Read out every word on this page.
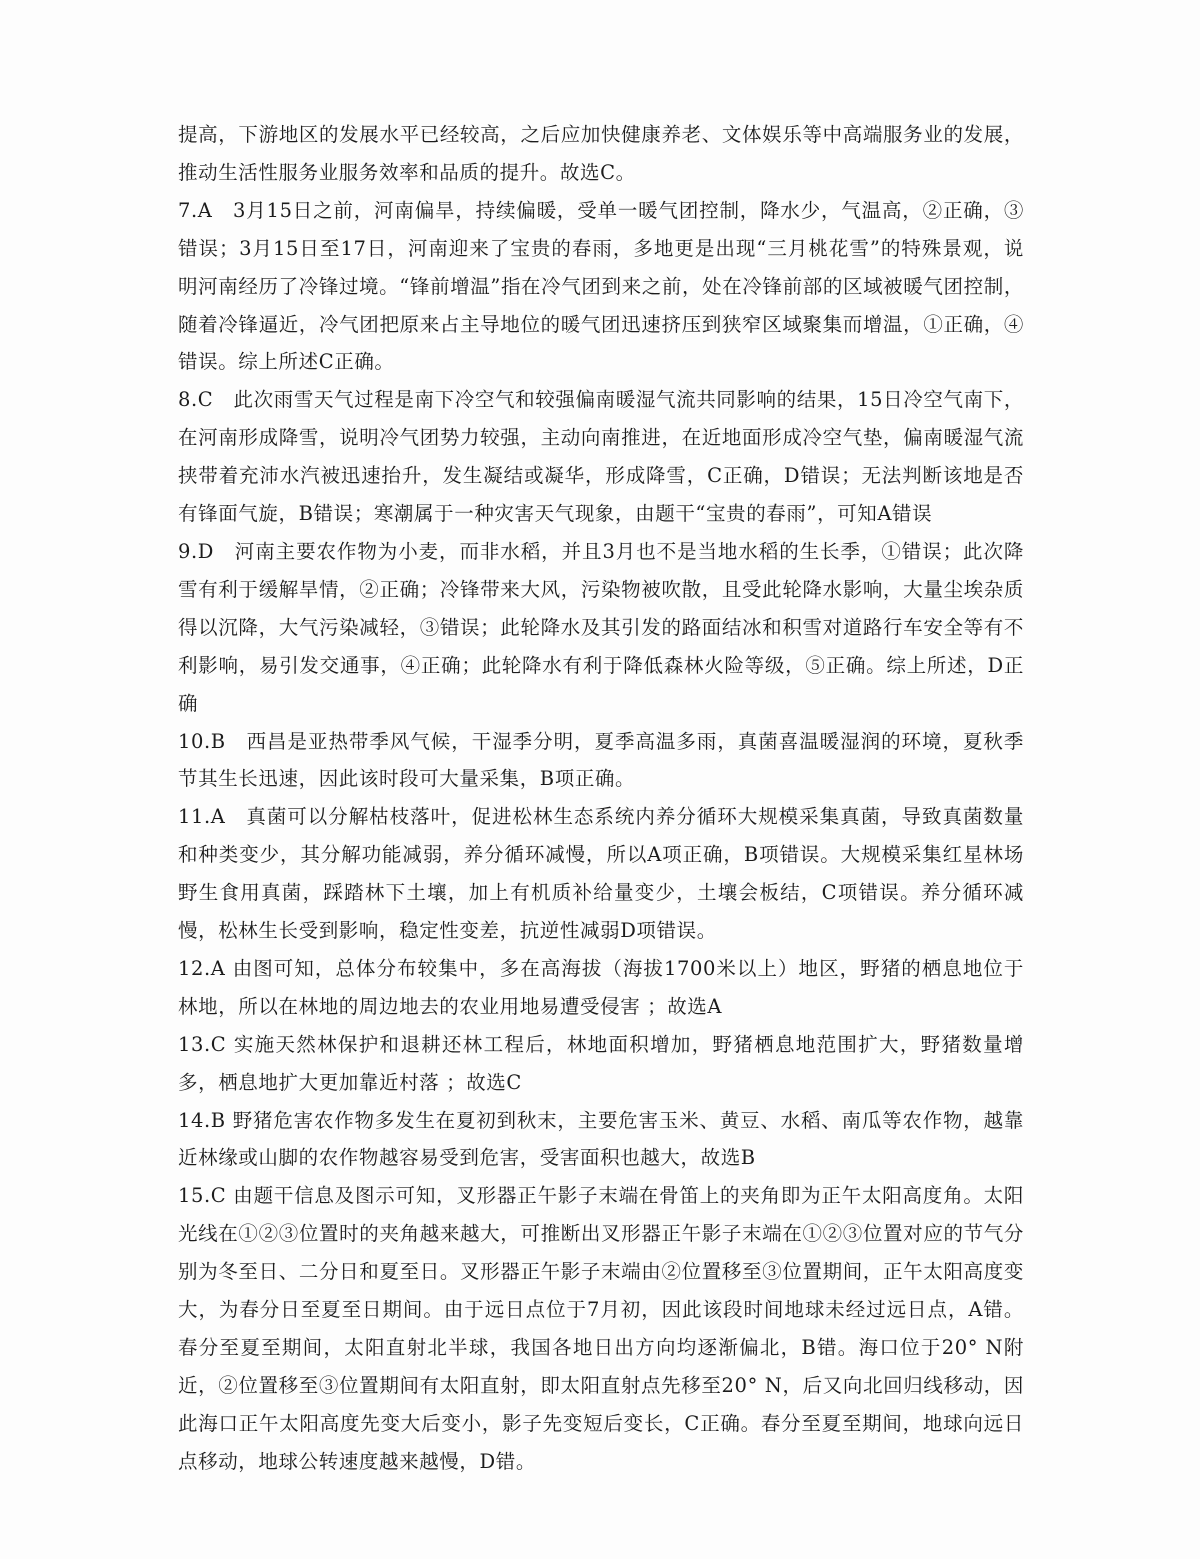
提高，下游地区的发展水平已经较高，之后应加快健康养老、文体娱乐等中高端服务业的发展，推动生活性服务业服务效率和品质的提升。故选C。

7.A　3月15日之前，河南偏旱，持续偏暖，受单一暖气团控制，降水少，气温高，②正确，③错误；3月15日至17日，河南迎来了宝贵的春雨，多地更是出现“三月桃花雪”的特殊景观，说明河南经历了冷锋过境。“锋前增温”指在冷气团到来之前，处在冷锋前部的区域被暖气团控制，随着冷锋逼近，冷气团把原来占主导地位的暖气团迅速挤压到狭窄区域聚集而增温，①正确，④错误。综上所述C正确。

8.C　此次雨雪天气过程是南下冷空气和较强偏南暖湿气流共同影响的结果，15日冷空气南下，在河南形成降雪，说明冷气团势力较强，主动向南推进，在近地面形成冷空气垫，偏南暖湿气流挟带着充沛水汽被迅速抬升，发生凝结或凝华，形成降雪，C正确，D错误；无法判断该地是否有锋面气旋，B错误；寒潮属于一种灾害天气现象，由题干“宝贵的春雨”，可知A错误

9.D　河南主要农作物为小麦，而非水稻，并且3月也不是当地水稻的生长季，①错误；此次降雪有利于缓解旱情，②正确；冷锋带来大风，污染物被吹散，且受此轮降水影响，大量尘埃杂质得以沉降，大气污染减轻，③错误；此轮降水及其引发的路面结冰和积雪对道路行车安全等有不利影响，易引发交通事，④正确；此轮降水有利于降低森林火险等级，⑤正确。综上所述，D正确

10.B　西昌是亚热带季风气候，干湿季分明，夏季高温多雨，真菌喜温暖湿润的环境，夏秋季节其生长迅速，因此该时段可大量采集，B项正确。

11.A　真菌可以分解枯枝落叶，促进松林生态系统内养分循环大规模采集真菌，导致真菌数量和种类变少，其分解功能减弱，养分循环减慢，所以A项正确，B项错误。大规模采集红星林场野生食用真菌，踩踏林下土壤，加上有机质补给量变少，土壤会板结，C项错误。养分循环减慢，松林生长受到影响，稳定性变差，抗逆性减弱D项错误。

12.A 由图可知，总体分布较集中，多在高海拔（海拔1700米以上）地区，野猪的栖息地位于林地，所以在林地的周边地去的农业用地易遭受侵害 ；故选A

13.C 实施天然林保护和退耕还林工程后，林地面积增加，野猪栖息地范围扩大，野猪数量增多，栖息地扩大更加靠近村落 ；故选C

14.B 野猪危害农作物多发生在夏初到秋末，主要危害玉米、黄豆、水稻、南瓜等农作物，越靠近林缘或山脚的农作物越容易受到危害，受害面积也越大，故选B

15.C 由题干信息及图示可知，叉形器正午影子末端在骨笛上的夹角即为正午太阳高度角。太阳光线在①②③位置时的夹角越来越大，可推断出叉形器正午影子末端在①②③位置对应的节气分别为冬至日、二分日和夏至日。叉形器正午影子末端由②位置移至③位置期间，正午太阳高度变大，为春分日至夏至日期间。由于远日点位于7月初，因此该段时间地球未经过远日点，A错。春分至夏至期间，太阳直射北半球，我国各地日出方向均逐渐偏北，B错。海口位于20° N附近，②位置移至③位置期间有太阳直射，即太阳直射点先移至20° N，后又向北回归线移动，因此海口正午太阳高度先变大后变小，影子先变短后变长，C正确。春分至夏至期间，地球向远日点移动，地球公转速度越来越慢，D错。
